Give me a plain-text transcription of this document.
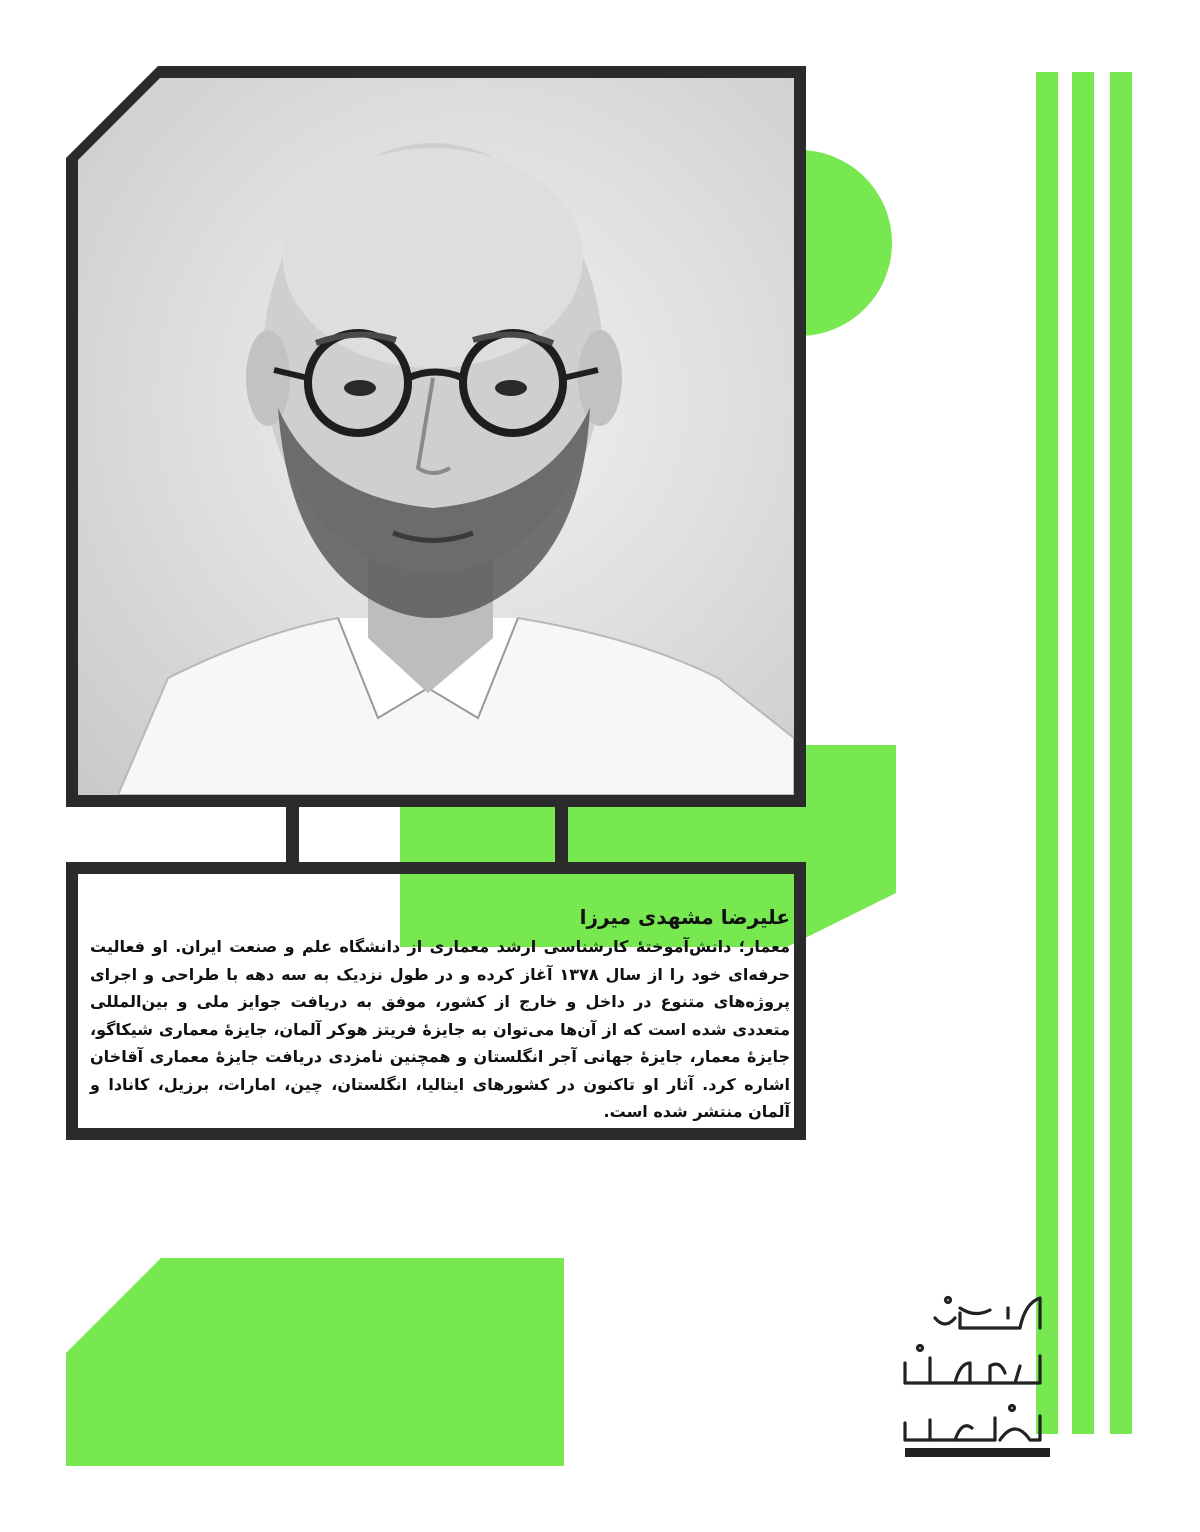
علیرضا مشهدی میرزا

معمار؛ دانش‌آموختهٔ کارشناسی ارشد معماری از دانشگاه علم و صنعت ایران. او فعالیت حرفه‌ای خود را از سال ۱۳۷۸ آغاز کرده و در طول نزدیک به سه دهه با طراحی و اجرای پروژه‌های متنوع در داخل و خارج از کشور، موفق به دریافت جوایز ملی و بین‌المللی متعددی شده است که از آن‌ها می‌توان به جایزهٔ فریتز هوکر آلمان، جایزهٔ معماری شیکاگو، جایزهٔ معمار، جایزهٔ جهانی آجر انگلستان و همچنین نامزدی دریافت جایزهٔ معماری آقاخان اشاره کرد. آثار او تاکنون در کشورهای ایتالیا، انگلستان، چین، امارات، برزیل، کانادا و آلمان منتشر شده است.
